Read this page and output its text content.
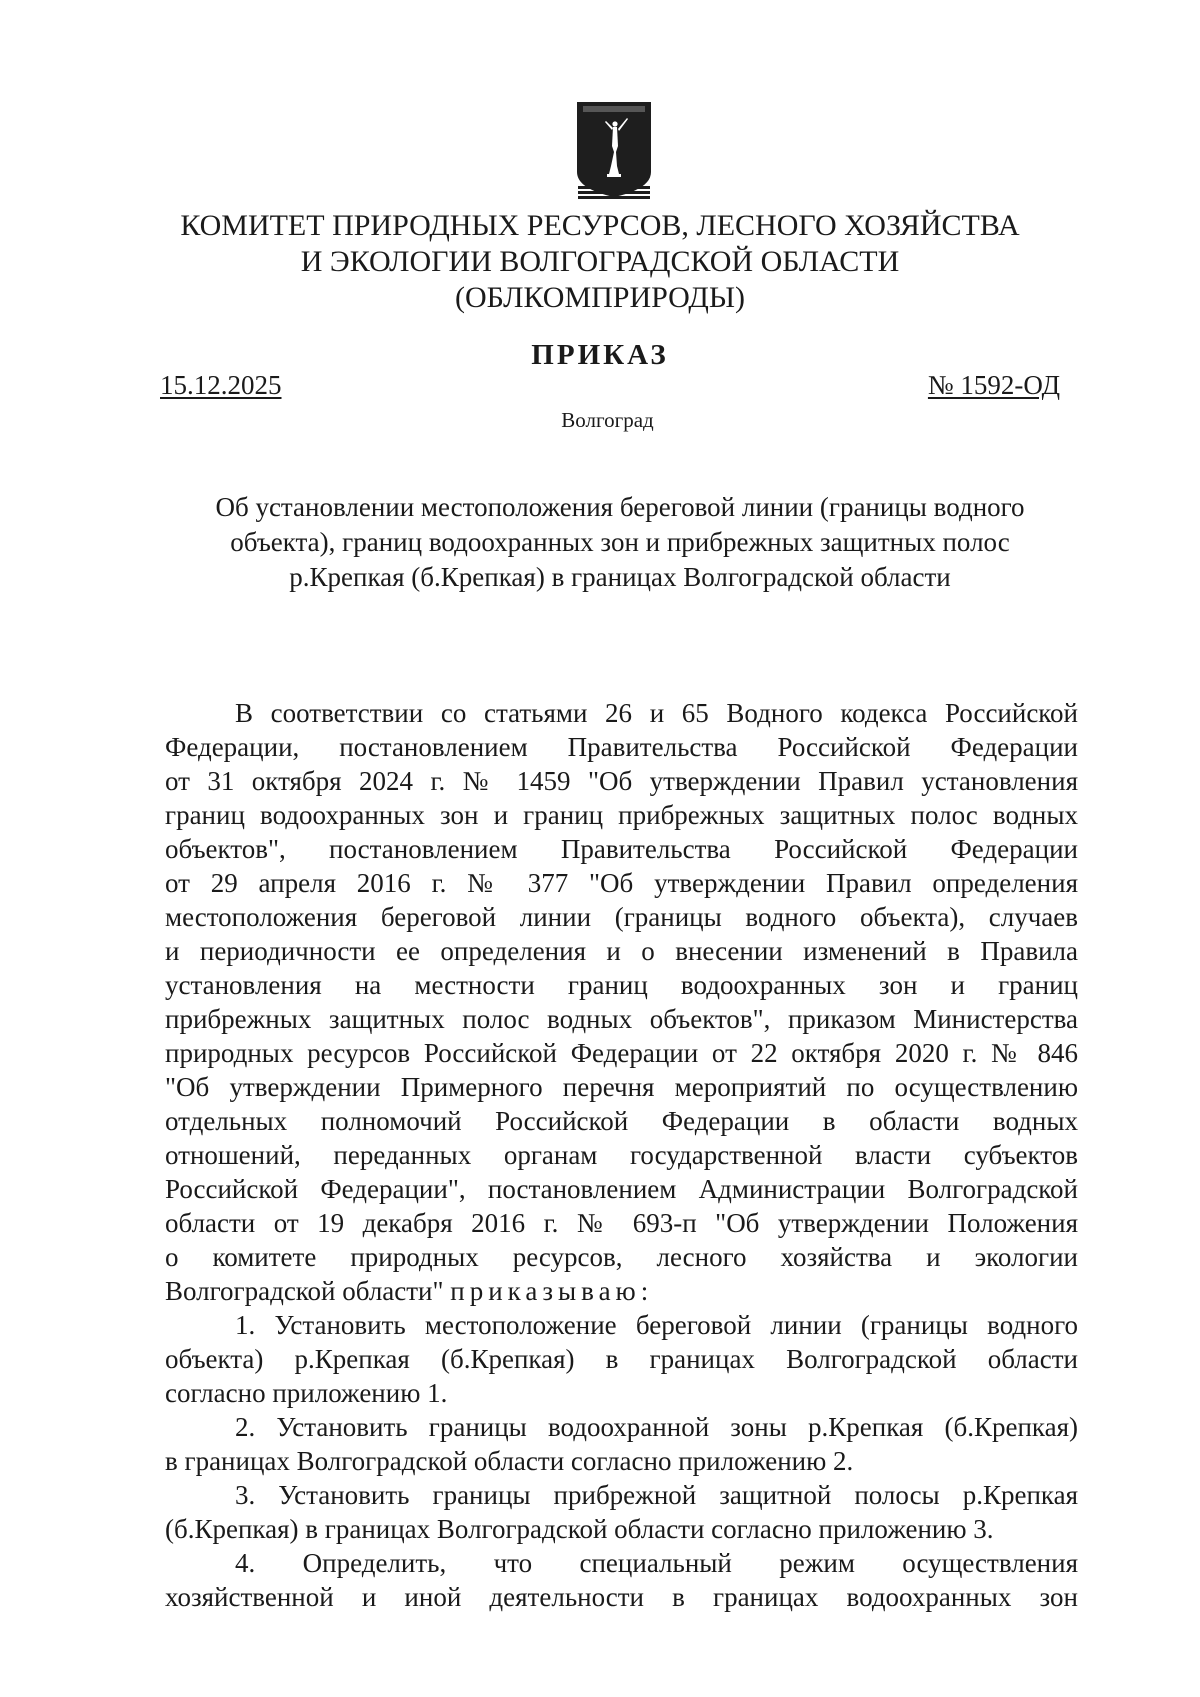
КОМИТЕТ ПРИРОДНЫХ РЕСУРСОВ, ЛЕСНОГО ХОЗЯЙСТВА
И ЭКОЛОГИИ ВОЛГОГРАДСКОЙ ОБЛАСТИ
(ОБЛКОМПРИРОДЫ)
ПРИКАЗ
15.12.2025	№ 1592-ОД
Волгоград
Об установлении местоположения береговой линии (границы водного
объекта), границ водоохранных зон и прибрежных защитных полос
р.Крепкая (б.Крепкая) в границах Волгоградской области
В соответствии со статьями 26 и 65 Водного кодекса Российской
Федерации, постановлением Правительства Российской Федерации
от 31 октября 2024 г. № 1459 "Об утверждении Правил установления
границ водоохранных зон и границ прибрежных защитных полос водных
объектов", постановлением Правительства Российской Федерации
от 29 апреля 2016 г. № 377 "Об утверждении Правил определения
местоположения береговой линии (границы водного объекта), случаев
и периодичности ее определения и о внесении изменений в Правила
установления на местности границ водоохранных зон и границ
прибрежных защитных полос водных объектов", приказом Министерства
природных ресурсов Российской Федерации от 22 октября 2020 г. № 846
"Об утверждении Примерного перечня мероприятий по осуществлению
отдельных полномочий Российской Федерации в области водных
отношений, переданных органам государственной власти субъектов
Российской Федерации", постановлением Администрации Волгоградской
области от 19 декабря 2016 г. № 693-п "Об утверждении Положения
о комитете природных ресурсов, лесного хозяйства и экологии
Волгоградской области" приказываю:
1. Установить местоположение береговой линии (границы водного
объекта) р.Крепкая (б.Крепкая) в границах Волгоградской области
согласно приложению 1.
2. Установить границы водоохранной зоны р.Крепкая (б.Крепкая)
в границах Волгоградской области согласно приложению 2.
3. Установить границы прибрежной защитной полосы р.Крепкая
(б.Крепкая) в границах Волгоградской области согласно приложению 3.
4. Определить, что специальный режим осуществления
хозяйственной и иной деятельности в границах водоохранных зон
